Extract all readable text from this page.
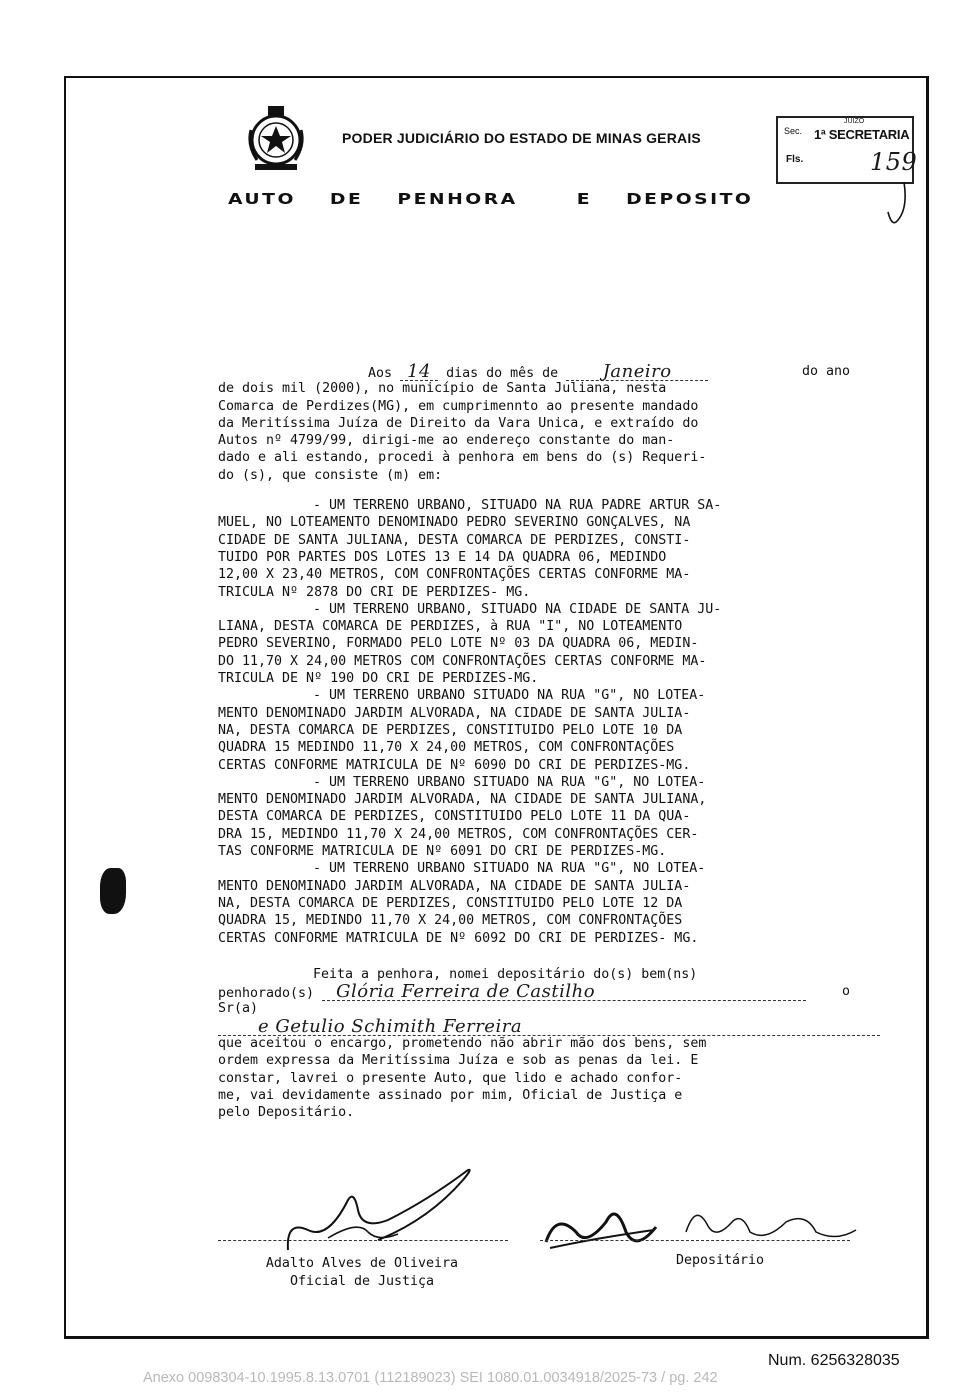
PODER JUDICIÁRIO DO ESTADO DE MINAS GERAIS	Sec.
JUIZO
1ª SECRETARIA
Fls.	159
AUTO DE PENHORA	E DEPOSITO
Aos 14 dias do mês de Janeiro	do ano
de dois mil (2000), no município de Santa Juliana, nesta
Comarca de Perdizes(MG), em cumprimennto ao presente mandado
da Meritíssima Juíza de Direito da Vara Unica, e extraído do
Autos nº 4799/99, dirigi-me ao endereço constante do man-
dado e ali estando, procedi à penhora em bens do (s) Requeri-
do (s), que consiste (m) em:
- UM TERRENO URBANO, SITUADO NA RUA PADRE ARTUR SA-
MUEL, NO LOTEAMENTO DENOMINADO PEDRO SEVERINO GONÇALVES, NA
CIDADE DE SANTA JULIANA, DESTA COMARCA DE PERDIZES, CONSTI-
TUIDO POR PARTES DOS LOTES 13 E 14 DA QUADRA 06, MEDINDO
12,00 X 23,40 METROS, COM CONFRONTAÇÕES CERTAS CONFORME MA-
TRICULA Nº 2878 DO CRI DE PERDIZES- MG.
- UM TERRENO URBANO, SITUADO NA CIDADE DE SANTA JU-
LIANA, DESTA COMARCA DE PERDIZES, à RUA "I", NO LOTEAMENTO
PEDRO SEVERINO, FORMADO PELO LOTE Nº 03 DA QUADRA 06, MEDIN-
DO 11,70 X 24,00 METROS COM CONFRONTAÇÕES CERTAS CONFORME MA-
TRICULA DE Nº 190 DO CRI DE PERDIZES-MG.
- UM TERRENO URBANO SITUADO NA RUA "G", NO LOTEA-
MENTO DENOMINADO JARDIM ALVORADA, NA CIDADE DE SANTA JULIA-
NA, DESTA COMARCA DE PERDIZES, CONSTITUIDO PELO LOTE 10 DA
QUADRA 15 MEDINDO 11,70 X 24,00 METROS, COM CONFRONTAÇÕES
CERTAS CONFORME MATRICULA DE Nº 6090 DO CRI DE PERDIZES-MG.
- UM TERRENO URBANO SITUADO NA RUA "G", NO LOTEA-
MENTO DENOMINADO JARDIM ALVORADA, NA CIDADE DE SANTA JULIANA,
DESTA COMARCA DE PERDIZES, CONSTITUIDO PELO LOTE 11 DA QUA-
DRA 15, MEDINDO 11,70 X 24,00 METROS, COM CONFRONTAÇÕES CER-
TAS CONFORME MATRICULA DE Nº 6091 DO CRI DE PERDIZES-MG.
- UM TERRENO URBANO SITUADO NA RUA "G", NO LOTEA-
MENTO DENOMINADO JARDIM ALVORADA, NA CIDADE DE SANTA JULIA-
NA, DESTA COMARCA DE PERDIZES, CONSTITUIDO PELO LOTE 12 DA
QUADRA 15, MEDINDO 11,70 X 24,00 METROS, COM CONFRONTAÇÕES
CERTAS CONFORME MATRICULA DE Nº 6092 DO CRI DE PERDIZES- MG.
Feita a penhora, nomei depositário do(s) bem(ns)
penhorado(s) Glória Ferreira de Castilho	o
Sr(a)
e Getulio Schimith Ferreira
que aceitou o encargo, prometendo não abrir mão dos bens, sem
ordem expressa da Meritíssima Juíza e sob as penas da lei. E
constar, lavrei o presente Auto, que lido e achado confor-
me, vai devidamente assinado por mim, Oficial de Justiça e
pelo Depositário.
Adalto Alves de Oliveira
Oficial de Justiça
Depositário
Num. 6256328035
Anexo 0098304-10.1995.8.13.0701 (112189023) SEI 1080.01.0034918/2025-73 / pg. 242
